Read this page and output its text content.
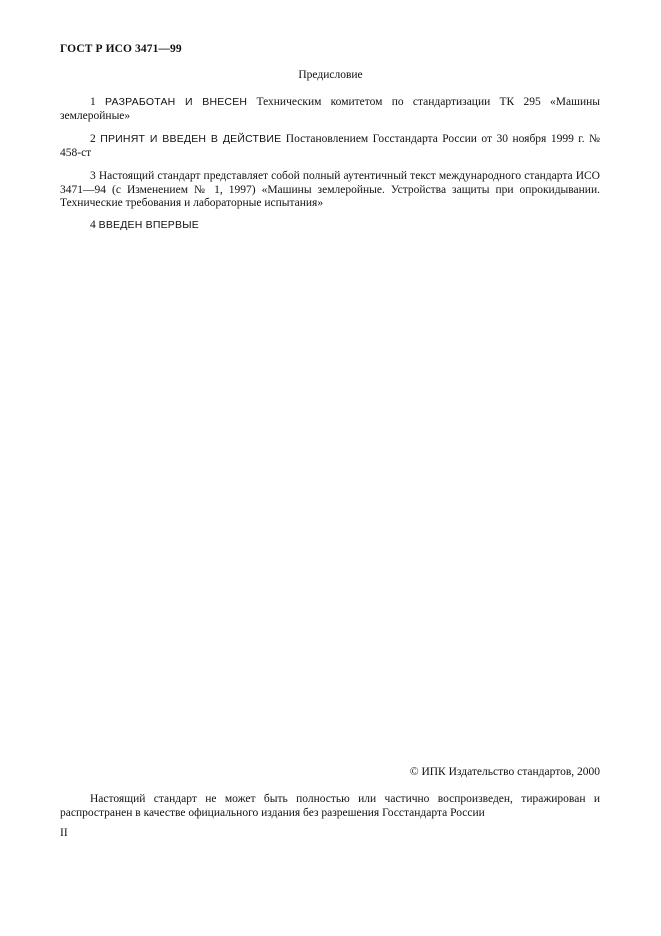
ГОСТ Р ИСО 3471—99
Предисловие
1 РАЗРАБОТАН И ВНЕСЕН Техническим комитетом по стандартизации ТК 295 «Машины землеройные»
2 ПРИНЯТ И ВВЕДЕН В ДЕЙСТВИЕ Постановлением Госстандарта России от 30 ноября 1999 г. № 458-ст
3 Настоящий стандарт представляет собой полный аутентичный текст международного стандарта ИСО 3471—94 (с Изменением № 1, 1997) «Машины землеройные. Устройства защиты при опрокидывании. Технические требования и лабораторные испытания»
4 ВВЕДЕН ВПЕРВЫЕ
© ИПК Издательство стандартов, 2000
Настоящий стандарт не может быть полностью или частично воспроизведен, тиражирован и распространен в качестве официального издания без разрешения Госстандарта России
II
